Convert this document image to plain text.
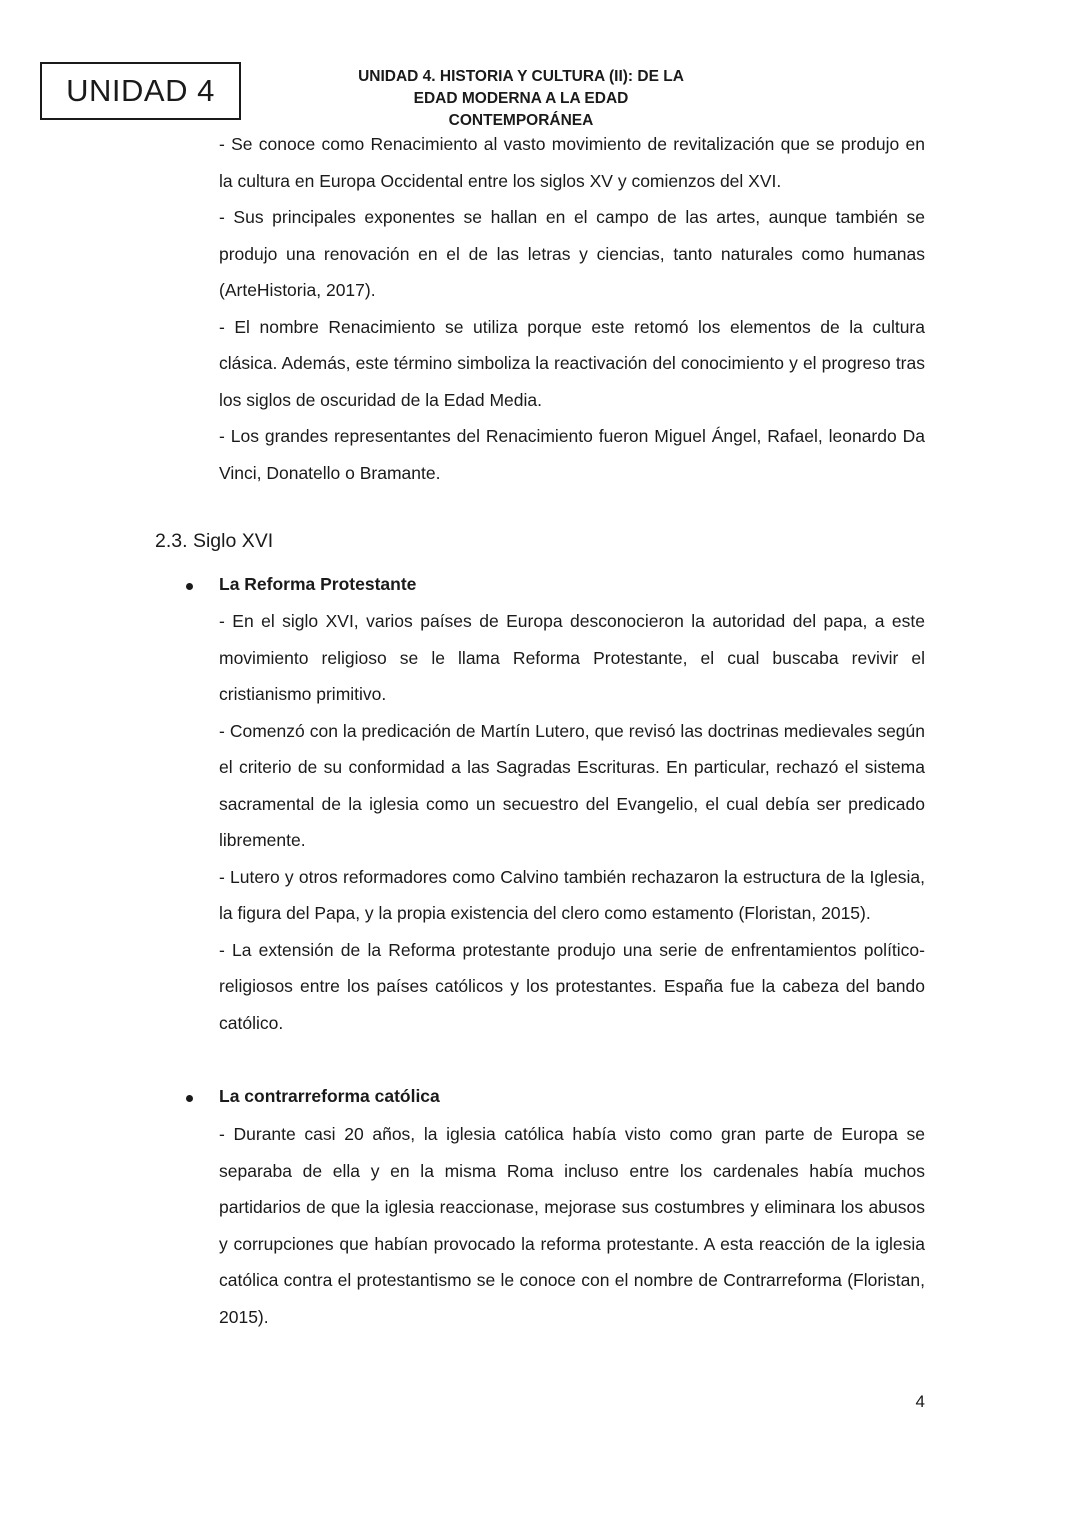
UNIDAD 4	UNIDAD 4. HISTORIA Y CULTURA (II): DE LA
EDAD MODERNA A LA EDAD
CONTEMPORÁNEA

- Se conoce como Renacimiento al vasto movimiento de revitalización que se produjo en la cultura en Europa Occidental entre los siglos XV y comienzos del XVI.

- Sus principales exponentes se hallan en el campo de las artes, aunque también se produjo una renovación en el de las letras y ciencias, tanto naturales como humanas (ArteHistoria, 2017).

- El nombre Renacimiento se utiliza porque este retomó los elementos de la cultura clásica. Además, este término simboliza la reactivación del conocimiento y el progreso tras los siglos de oscuridad de la Edad Media.

- Los grandes representantes del Renacimiento fueron Miguel Ángel, Rafael, leonardo Da Vinci, Donatello o Bramante.

2.3. Siglo XVI

La Reforma Protestante

- En el siglo XVI, varios países de Europa desconocieron la autoridad del papa, a este movimiento religioso se le llama Reforma Protestante, el cual buscaba revivir el cristianismo primitivo.

- Comenzó con la predicación de Martín Lutero, que revisó las doctrinas medievales según el criterio de su conformidad a las Sagradas Escrituras. En particular, rechazó el sistema sacramental de la iglesia como un secuestro del Evangelio, el cual debía ser predicado libremente.

- Lutero y otros reformadores como Calvino también rechazaron la estructura de la Iglesia, la figura del Papa, y la propia existencia del clero como estamento (Floristan, 2015).

- La extensión de la Reforma protestante produjo una serie de enfrentamientos político-religiosos entre los países católicos y los protestantes. España fue la cabeza del bando católico.

La contrarreforma católica

- Durante casi 20 años, la iglesia católica había visto como gran parte de Europa se separaba de ella y en la misma Roma incluso entre los cardenales había muchos partidarios de que la iglesia reaccionase, mejorase sus costumbres y eliminara los abusos y corrupciones que habían provocado la reforma protestante. A esta reacción de la iglesia católica contra el protestantismo se le conoce con el nombre de Contrarreforma (Floristan, 2015).

4
